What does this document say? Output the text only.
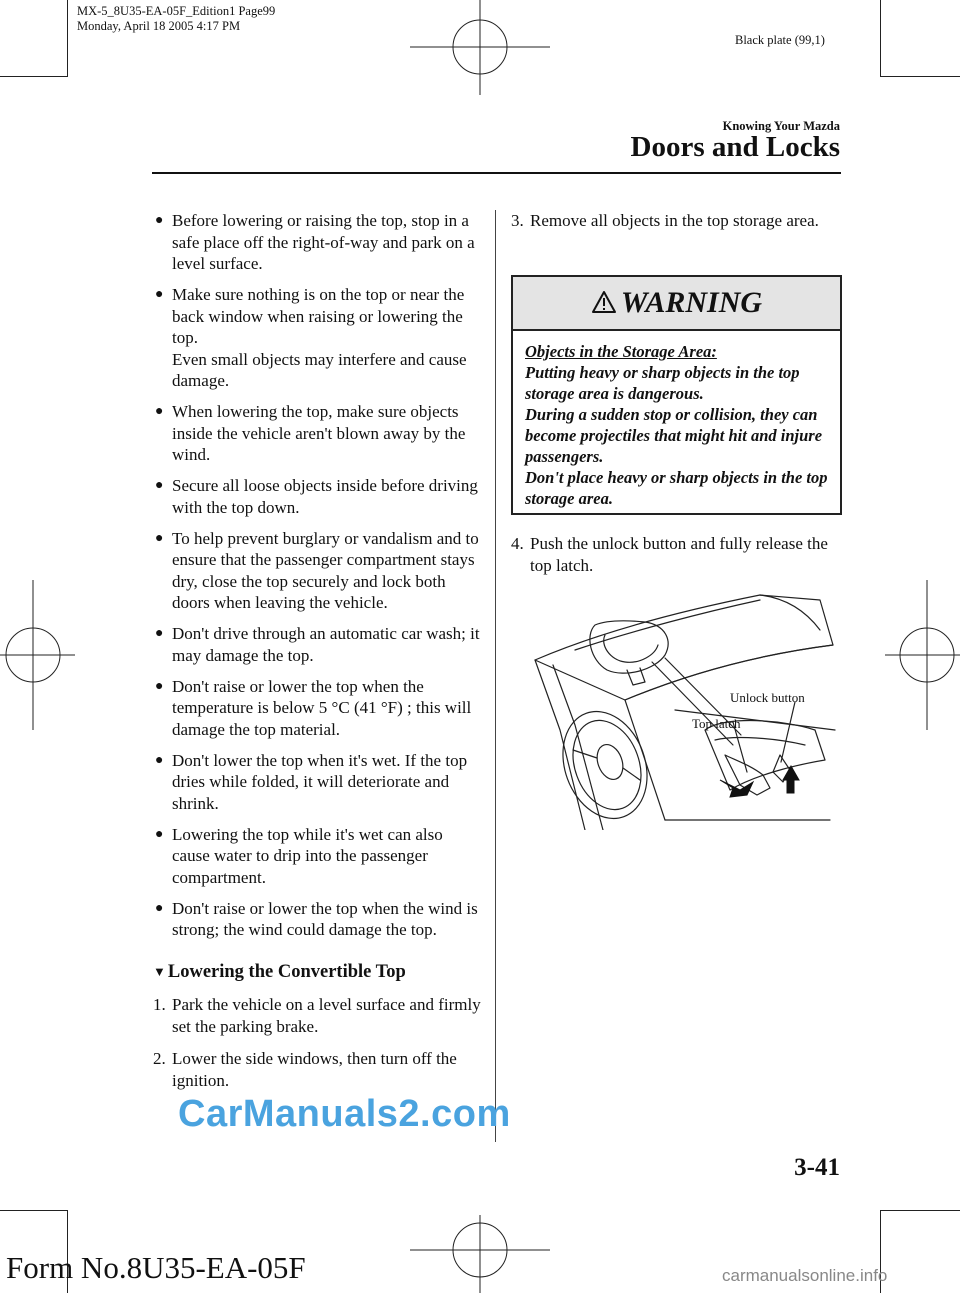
MX-5_8U35-EA-05F_Edition1 Page99
Monday, April 18 2005 4:17 PM
Black plate (99,1)
Knowing Your Mazda
Doors and Locks
● Before lowering or raising the top, stop in a safe place off the right-of-way and park on a level surface.
● Make sure nothing is on the top or near the back window when raising or lowering the top.
Even small objects may interfere and cause damage.
● When lowering the top, make sure objects inside the vehicle aren't blown away by the wind.
● Secure all loose objects inside before driving with the top down.
● To help prevent burglary or vandalism and to ensure that the passenger compartment stays dry, close the top securely and lock both doors when leaving the vehicle.
● Don't drive through an automatic car wash; it may damage the top.
● Don't raise or lower the top when the temperature is below 5 °C (41 °F) ; this will damage the top material.
● Don't lower the top when it's wet. If the top dries while folded, it will deteriorate and shrink.
● Lowering the top while it's wet can also cause water to drip into the passenger compartment.
● Don't raise or lower the top when the wind is strong; the wind could damage the top.
▼ Lowering the Convertible Top
1. Park the vehicle on a level surface and firmly set the parking brake.
2. Lower the side windows, then turn off the ignition.
3. Remove all objects in the top storage area.
WARNING
Objects in the Storage Area:
Putting heavy or sharp objects in the top storage area is dangerous.
During a sudden stop or collision, they can become projectiles that might hit and injure passengers.
Don't place heavy or sharp objects in the top storage area.
4. Push the unlock button and fully release the top latch.
Unlock button
Top latch
3-41
Form No.8U35-EA-05F
CarManuals2.com
carmanualsonline.info
